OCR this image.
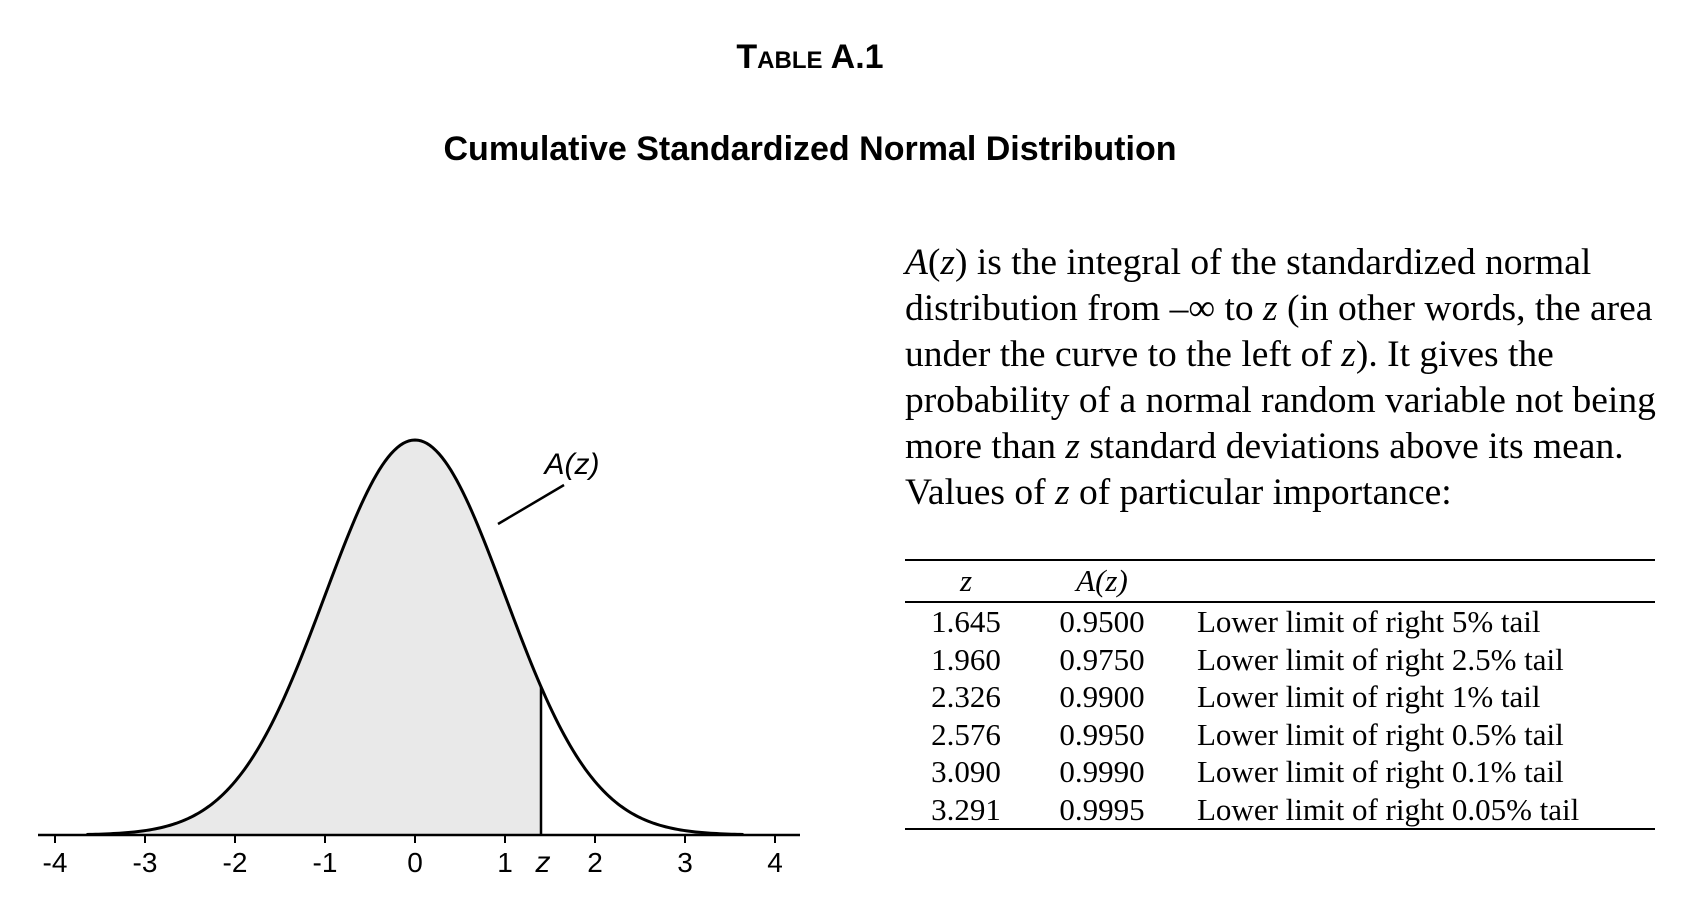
Table A.1
Cumulative Standardized Normal Distribution
-4 -3 -2 -1 0	1	2	3	4
A(z)
z

A(z) is the integral of the standardized normal distribution from –∞ to z (in other words, the area under the curve to the left of z). It gives the probability of a normal random variable not being more than z standard deviations above its mean. Values of z of particular importance:

z	A(z)	
1.645	0.9500	Lower limit of right 5% tail
1.960	0.9750	Lower limit of right 2.5% tail
2.326	0.9900	Lower limit of right 1% tail
2.576	0.9950	Lower limit of right 0.5% tail
3.090	0.9990	Lower limit of right 0.1% tail
3.291	0.9995	Lower limit of right 0.05% tail
